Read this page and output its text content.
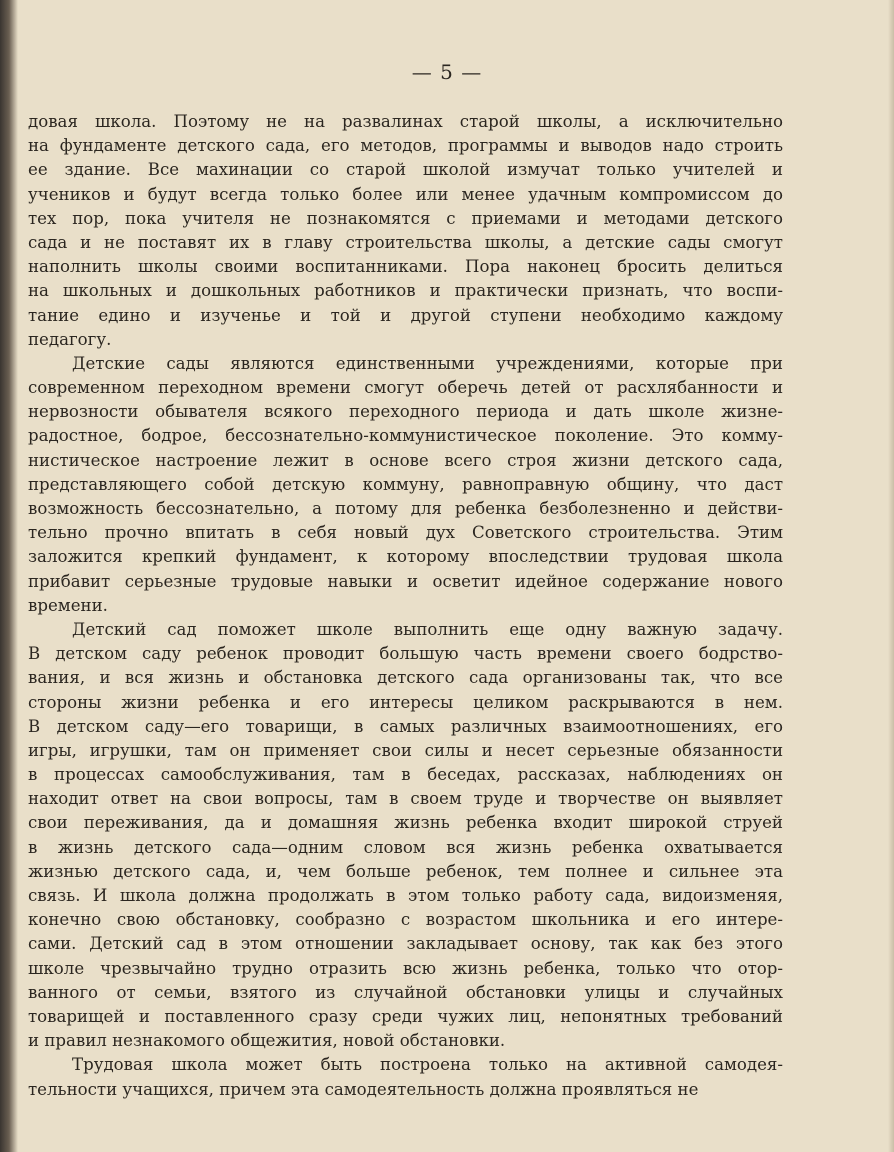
— 5 —
довая школа. Поэтому не на развалинах старой школы, а исключительно
на фундаменте детского сада, его методов, программы и выводов надо строить
ее здание. Все махинации со старой школой измучат только учителей и
учеников и будут всегда только более или менее удачным компромиссом до
тех пор, пока учителя не познакомятся с приемами и методами детского
сада и не поставят их в главу строительства школы, а детские сады смогут
наполнить школы своими воспитанниками. Пора наконец бросить делиться
на школьных и дошкольных работников и практически признать, что воспи-
тание едино и изученье и той и другой ступени необходимо каждому
педагогу.
Детские сады являются единственными учреждениями, которые при
современном переходном времени смогут оберечь детей от расхлябанности и
нервозности обывателя всякого переходного периода и дать школе жизне-
радостное, бодрое, бессознательно-коммунистическое поколение. Это комму-
нистическое настроение лежит в основе всего строя жизни детского сада,
представляющего собой детскую коммуну, равноправную общину, что даст
возможность бессознательно, а потому для ребенка безболезненно и действи-
тельно прочно впитать в себя новый дух Советского строительства. Этим
заложится крепкий фундамент, к которому впоследствии трудовая школа
прибавит серьезные трудовые навыки и осветит идейное содержание нового
времени.
Детский сад поможет школе выполнить еще одну важную задачу.
В детском саду ребенок проводит большую часть времени своего бодрство-
вания, и вся жизнь и обстановка детского сада организованы так, что все
стороны жизни ребенка и его интересы целиком раскрываются в нем.
В детском саду—его товарищи, в самых различных взаимоотношениях, его
игры, игрушки, там он применяет свои силы и несет серьезные обязанности
в процессах самообслуживания, там в беседах, рассказах, наблюдениях он
находит ответ на свои вопросы, там в своем труде и творчестве он выявляет
свои переживания, да и домашняя жизнь ребенка входит широкой струей
в жизнь детского сада—одним словом вся жизнь ребенка охватывается
жизнью детского сада, и, чем больше ребенок, тем полнее и сильнее эта
связь. И школа должна продолжать в этом только работу сада, видоизменяя,
конечно свою обстановку, сообразно с возрастом школьника и его интере-
сами. Детский сад в этом отношении закладывает основу, так как без этого
школе чрезвычайно трудно отразить всю жизнь ребенка, только что отор-
ванного от семьи, взятого из случайной обстановки улицы и случайных
товарищей и поставленного сразу среди чужих лиц, непонятных требований
и правил незнакомого общежития, новой обстановки.
Трудовая школа может быть построена только на активной самодея-
тельности учащихся, причем эта самодеятельность должна проявляться не
